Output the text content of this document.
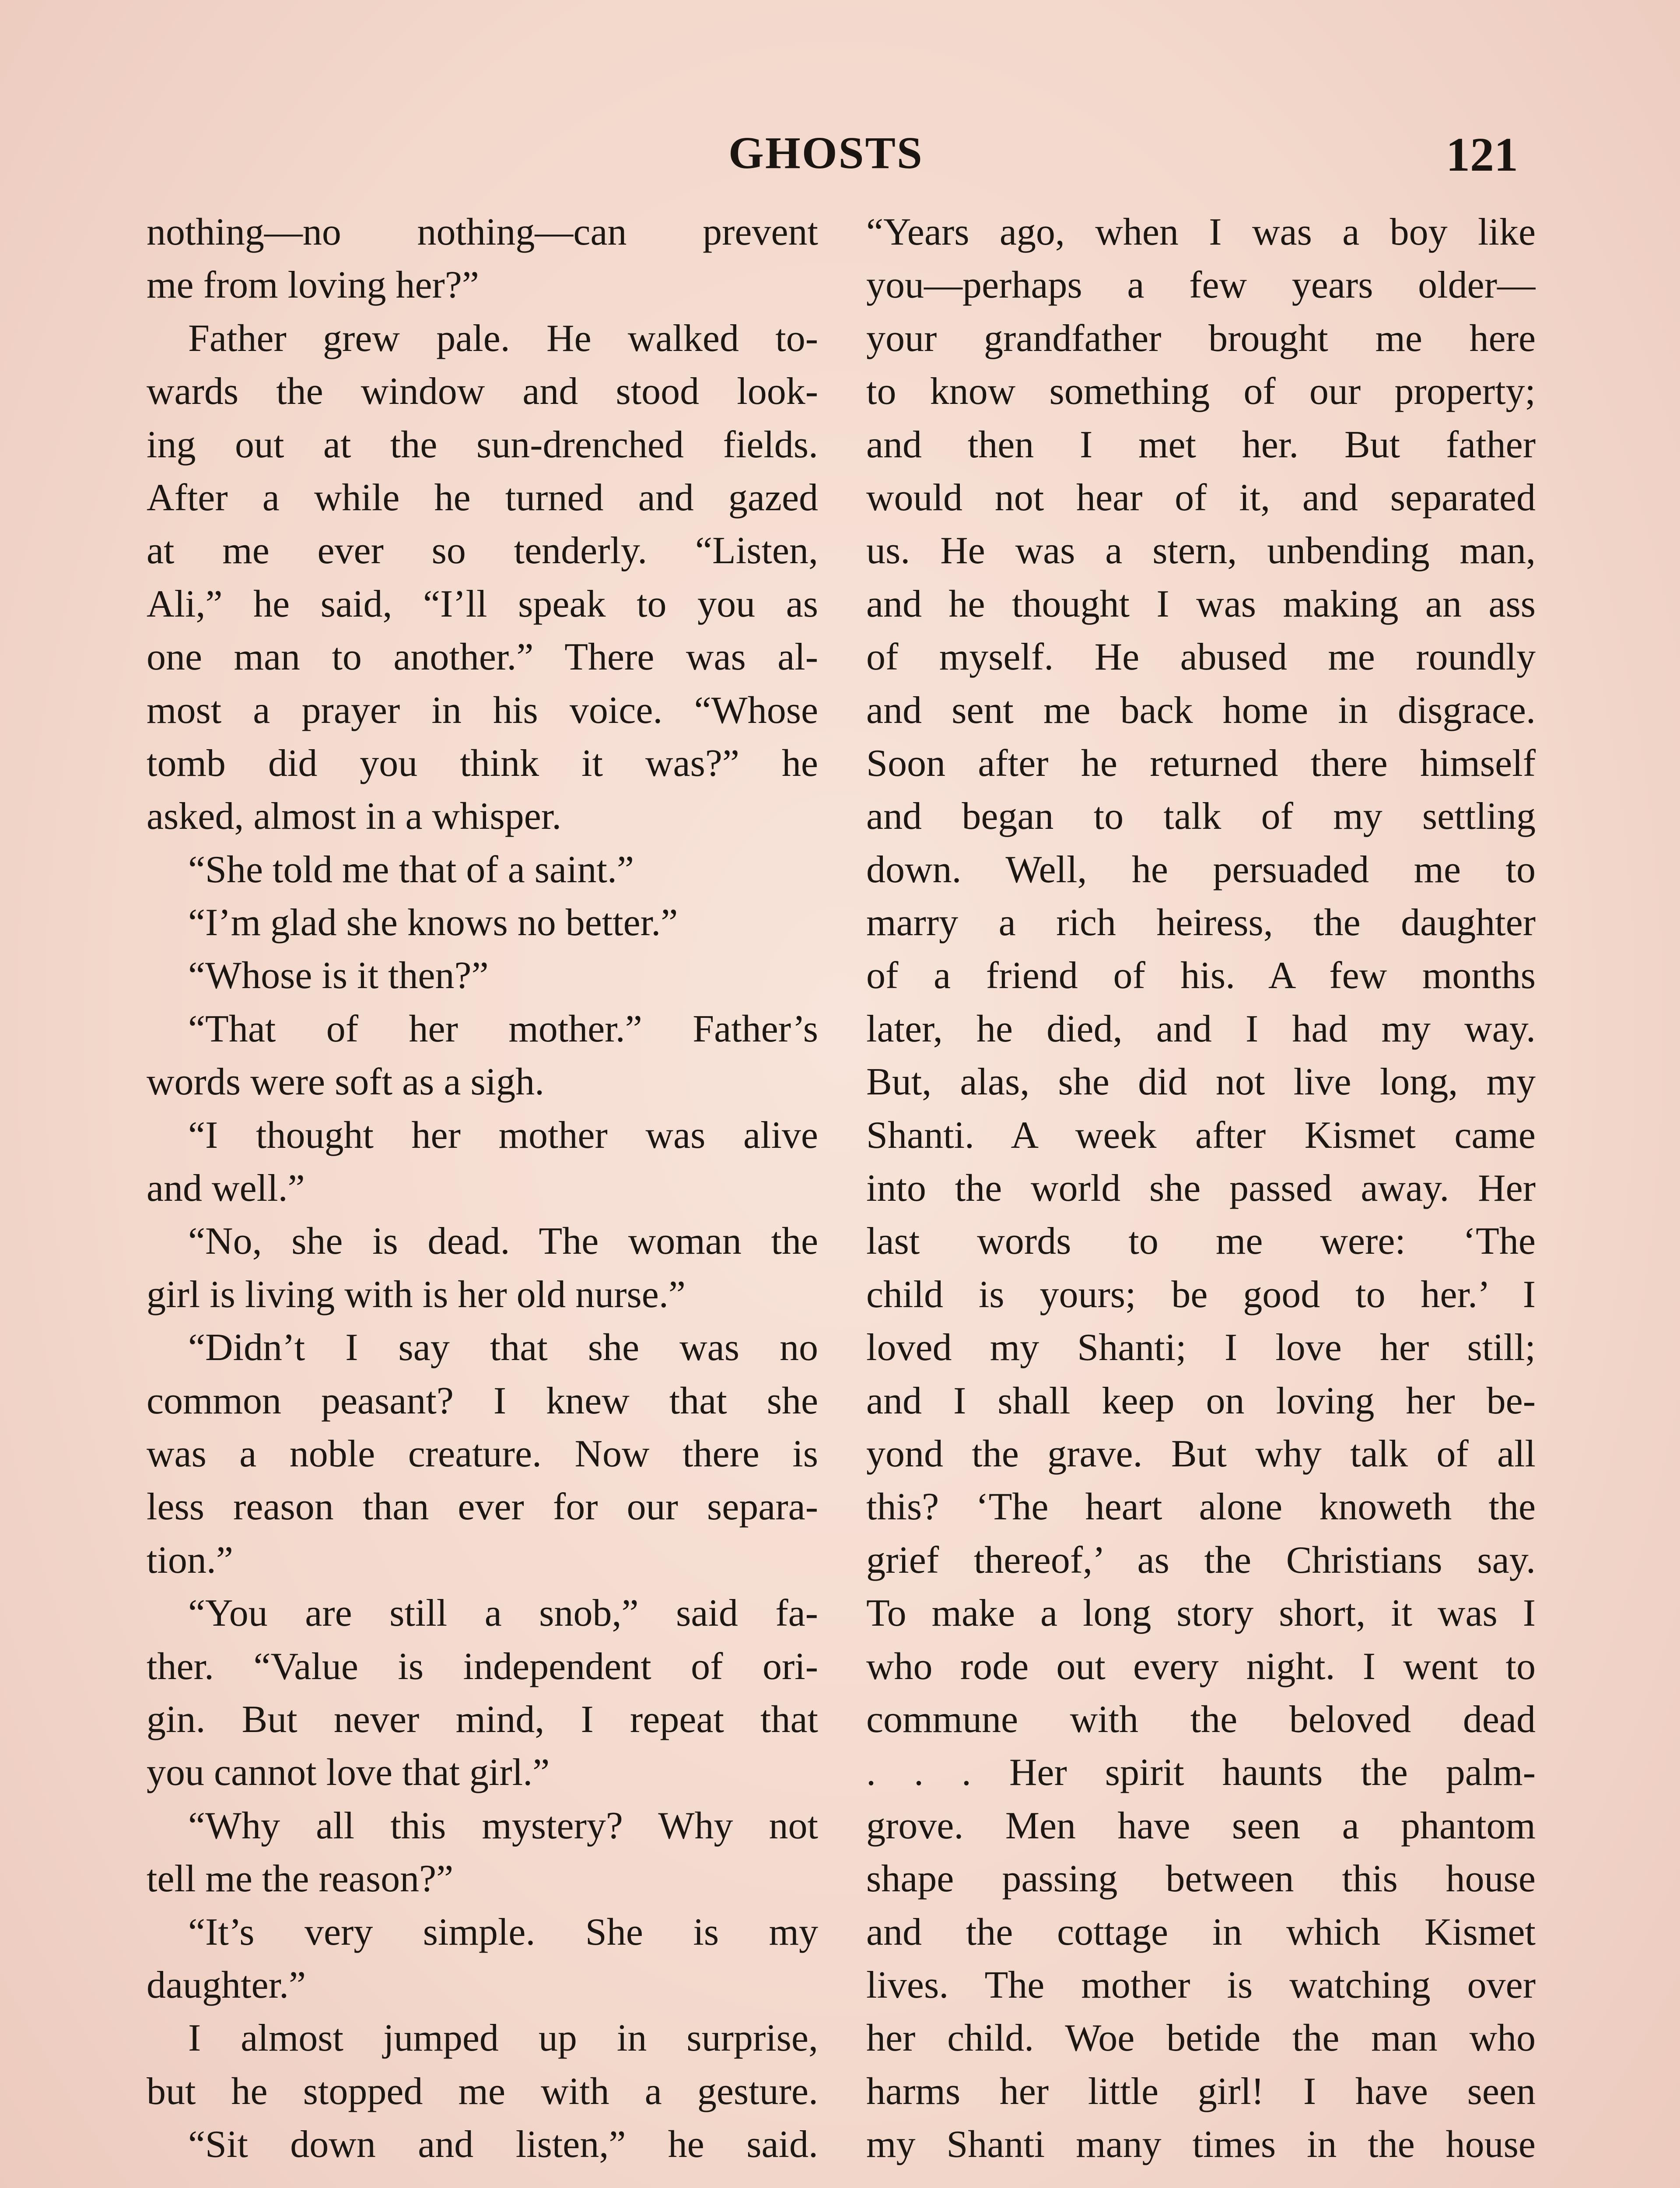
GHOSTS	121
nothing—no nothing—can prevent
me from loving her?”
Father grew pale. He walked to-
wards the window and stood look-
ing out at the sun-drenched fields.
After a while he turned and gazed
at me ever so tenderly. “Listen,
Ali,” he said, “I’ll speak to you as
one man to another.” There was al-
most a prayer in his voice. “Whose
tomb did you think it was?” he
asked, almost in a whisper.
“She told me that of a saint.”
“I’m glad she knows no better.”
“Whose is it then?”
“That of her mother.” Father’s
words were soft as a sigh.
“I thought her mother was alive
and well.”
“No, she is dead. The woman the
girl is living with is her old nurse.”
“Didn’t I say that she was no
common peasant? I knew that she
was a noble creature. Now there is
less reason than ever for our separa-
tion.”
“You are still a snob,” said fa-
ther. “Value is independent of ori-
gin. But never mind, I repeat that
you cannot love that girl.”
“Why all this mystery? Why not
tell me the reason?”
“It’s very simple. She is my
daughter.”
I almost jumped up in surprise,
but he stopped me with a gesture.
“Sit down and listen,” he said.
“Years ago, when I was a boy like
you—perhaps a few years older—
your grandfather brought me here
to know something of our property;
and then I met her. But father
would not hear of it, and separated
us. He was a stern, unbending man,
and he thought I was making an ass
of myself. He abused me roundly
and sent me back home in disgrace.
Soon after he returned there himself
and began to talk of my settling
down. Well, he persuaded me to
marry a rich heiress, the daughter
of a friend of his. A few months
later, he died, and I had my way.
But, alas, she did not live long, my
Shanti. A week after Kismet came
into the world she passed away. Her
last words to me were: ‘The
child is yours; be good to her.’ I
loved my Shanti; I love her still;
and I shall keep on loving her be-
yond the grave. But why talk of all
this? ‘The heart alone knoweth the
grief thereof,’ as the Christians say.
To make a long story short, it was I
who rode out every night. I went to
commune with the beloved dead
. . . Her spirit haunts the palm-
grove. Men have seen a phantom
shape passing between this house
and the cottage in which Kismet
lives. The mother is watching over
her child. Woe betide the man who
harms her little girl! I have seen
my Shanti many times in the house
